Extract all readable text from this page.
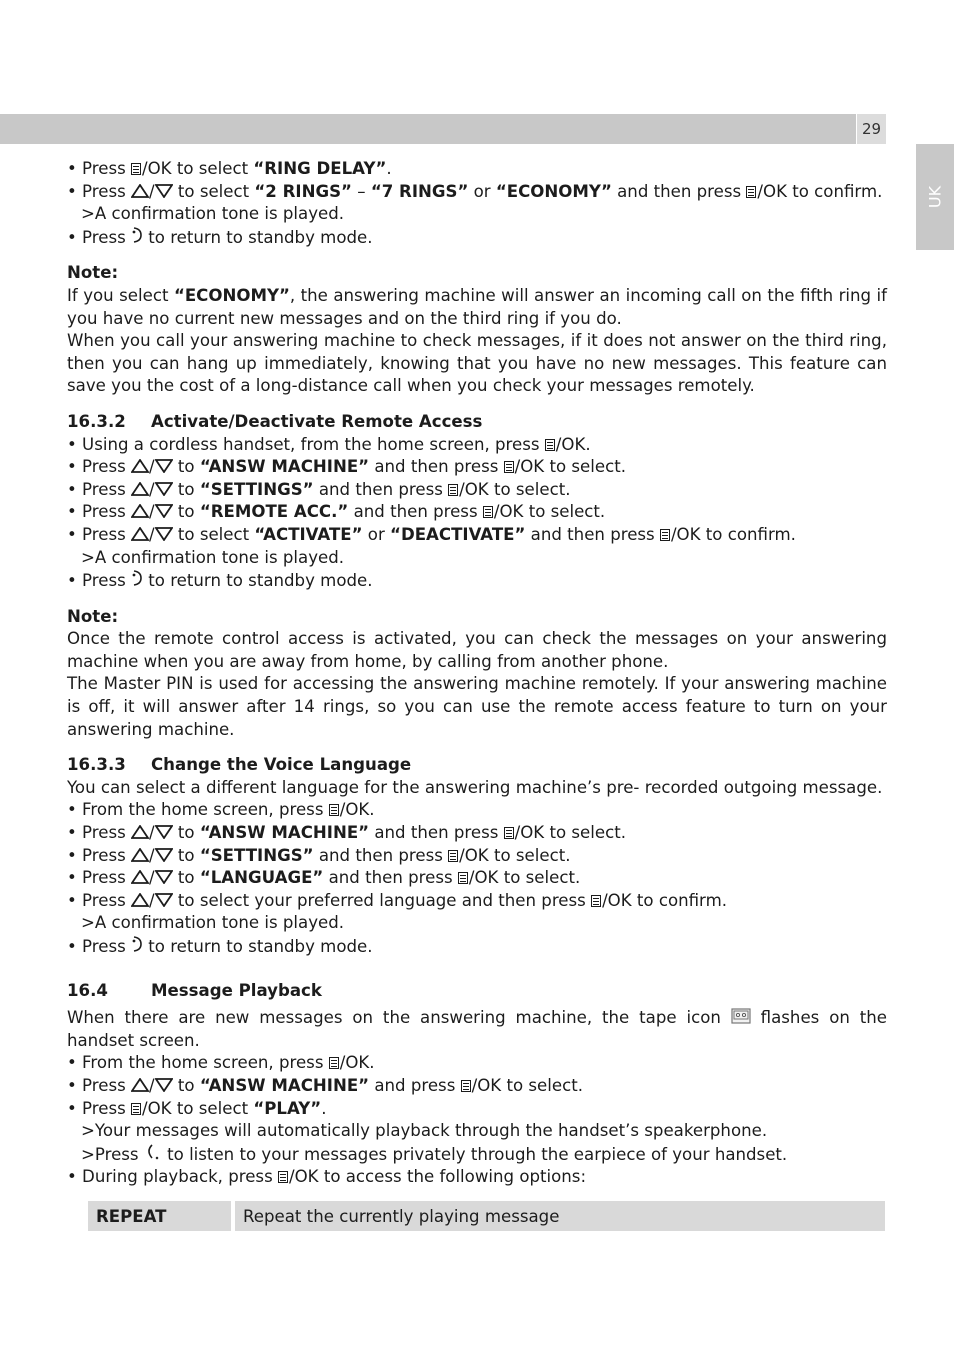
29
UK
• Press /OK to select “RING DELAY”.
• Press / to select “2 RINGS” – “7 RINGS” or “ECONOMY” and then press /OK to confirm.
>A confirmation tone is played.
• Press  to return to standby mode.
Note:
If you select “ECONOMY”, the answering machine will answer an incoming call on the fifth ring if you have no current new messages and on the third ring if you do.
When you call your answering machine to check messages, if it does not answer on the third ring, then you can hang up immediately, knowing that you have no new messages. This feature can save you the cost of a long-distance call when you check your messages remotely.
16.3.2	Activate/Deactivate Remote Access
• Using a cordless handset, from the home screen, press /OK.
• Press / to “ANSW MACHINE” and then press /OK to select.
• Press / to “SETTINGS” and then press /OK to select.
• Press / to “REMOTE ACC.” and then press /OK to select.
• Press / to select “ACTIVATE” or “DEACTIVATE” and then press /OK to confirm.
>A confirmation tone is played.
• Press  to return to standby mode.
Note:
Once the remote control access is activated, you can check the messages on your answering machine when you are away from home, by calling from another phone.
The Master PIN is used for accessing the answering machine remotely. If your answering machine is off, it will answer after 14 rings, so you can use the remote access feature to turn on your answering machine.
16.3.3	Change the Voice Language
You can select a different language for the answering machine’s pre- recorded outgoing message.
• From the home screen, press /OK.
• Press / to “ANSW MACHINE” and then press /OK to select.
• Press / to “SETTINGS” and then press /OK to select.
• Press / to “LANGUAGE” and then press /OK to select.
• Press / to select your preferred language and then press /OK to confirm.
>A confirmation tone is played.
• Press  to return to standby mode.
16.4	Message Playback
When there are new messages on the answering machine, the tape icon  flashes on the handset screen.
• From the home screen, press /OK.
• Press / to “ANSW MACHINE” and press /OK to select.
• Press /OK to select “PLAY”.
>Your messages will automatically playback through the handset’s speakerphone.
>Press  to listen to your messages privately through the earpiece of your handset.
• During playback, press /OK to access the following options:
REPEAT		Repeat the currently playing message
